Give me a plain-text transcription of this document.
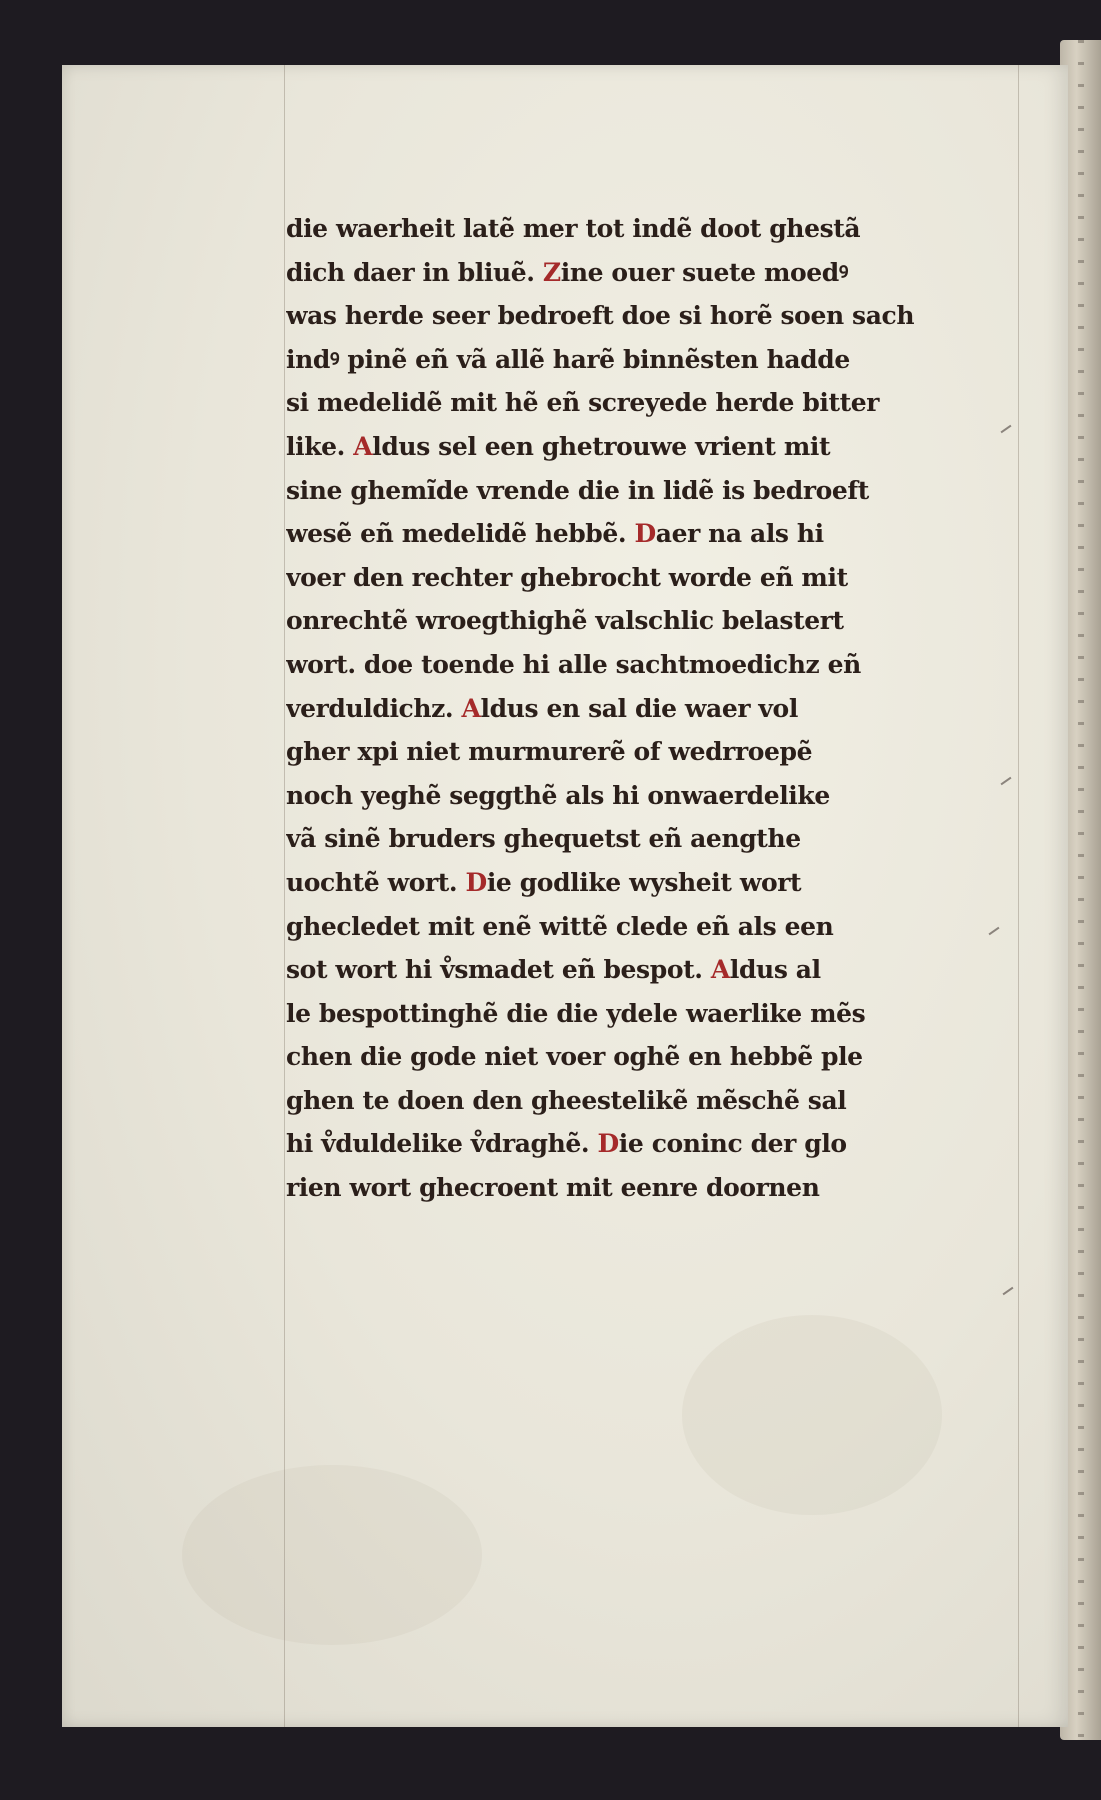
die waerheit latẽ mer tot indẽ doot ghestã
dich daer in bliuẽ. Zine ouer suete moedꝰ
was herde seer bedroeft doe si horẽ soen sach
indꝰ pinẽ eñ vã allẽ harẽ binnẽsten hadde
si medelidẽ mit hẽ eñ screyede herde bitter
like. Aldus sel een ghetrouwe vrient mit
sine ghemĩde vrende die in lidẽ is bedroeft
wesẽ eñ medelidẽ hebbẽ. Daer na als hi
voer den rechter ghebrocht worde eñ mit
onrechtẽ wroegthighẽ valschlic belastert
wort. doe toende hi alle sachtmoedichz eñ
verduldichz. Aldus en sal die waer vol
gher xpi niet murmurerẽ of wedrroepẽ
noch yeghẽ seggthẽ als hi onwaerdelike
vã sinẽ bruders ghequetst eñ aengthe
uochtẽ wort. Die godlike wysheit wort
ghecledet mit enẽ wittẽ clede eñ als een
sot wort hi v̊smadet eñ bespot. Aldus al
le bespottinghẽ die die ydele waerlike mẽs
chen die gode niet voer oghẽ en hebbẽ ple
ghen te doen den gheestelikẽ mẽschẽ sal
hi v̊duldelike v̊draghẽ. Die coninc der glo
rien wort ghecroent mit eenre doornen
